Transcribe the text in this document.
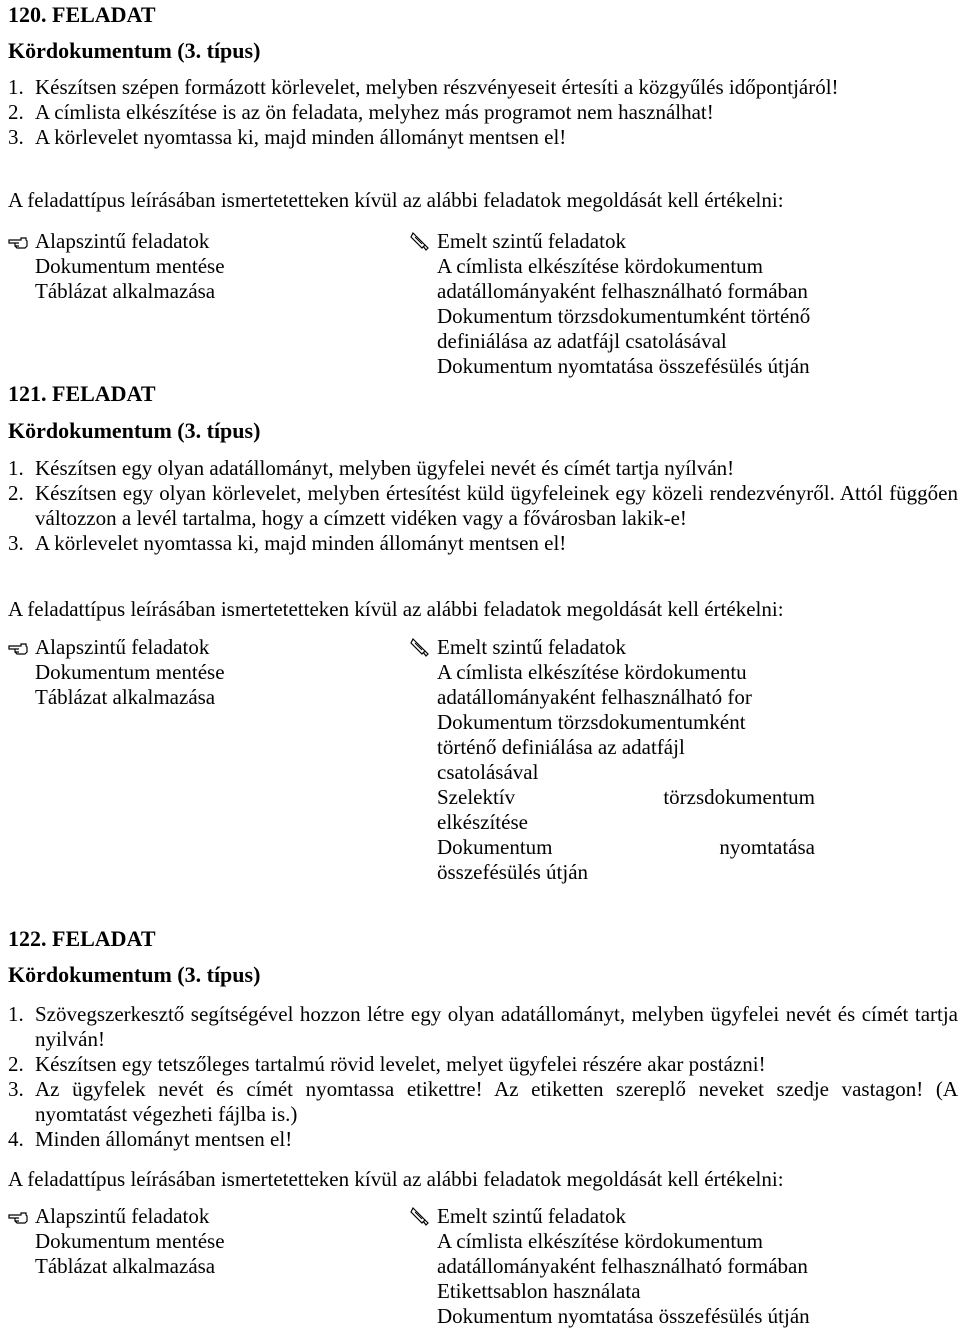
120. FELADAT
Kördokumentum (3. típus)
1. Készítsen szépen formázott körlevelet, melyben részvényeseit értesíti a közgyűlés időpontjáról!
2. A címlista elkészítése is az ön feladata, melyhez más programot nem használhat!
3. A körlevelet nyomtassa ki, majd minden állományt mentsen el!
A feladattípus leírásában ismertetetteken kívül az alábbi feladatok megoldását kell értékelni:
Alapszintű feladatok
Dokumentum mentése
Táblázat alkalmazása
Emelt szintű feladatok
A címlista elkészítése kördokumentum
adatállományaként felhasználható formában
Dokumentum törzsdokumentumként történő
definiálása az adatfájl csatolásával
Dokumentum nyomtatása összefésülés útján
121. FELADAT
Kördokumentum (3. típus)
1. Készítsen egy olyan adatállományt, melyben ügyfelei nevét és címét tartja nyílván!
2. Készítsen egy olyan körlevelet, melyben értesítést küld ügyfeleinek egy közeli rendezvényről. Attól függően változzon a levél tartalma, hogy a címzett vidéken vagy a fővárosban lakik-e!
3. A körlevelet nyomtassa ki, majd minden állományt mentsen el!
A feladattípus leírásában ismertetetteken kívül az alábbi feladatok megoldását kell értékelni:
Alapszintű feladatok
Dokumentum mentése
Táblázat alkalmazása
Emelt szintű feladatok
A címlista elkészítése kördokumentu
adatállományaként felhasználható for
Dokumentum törzsdokumentumként
történő definiálása az adatfájl
csatolásával
Szelektív	törzsdokumentum
elkészítése
Dokumentum	nyomtatása
összefésülés útján
122. FELADAT
Kördokumentum (3. típus)
1. Szövegszerkesztő segítségével hozzon létre egy olyan adatállományt, melyben ügyfelei nevét és címét tartja nyilván!
2. Készítsen egy tetszőleges tartalmú rövid levelet, melyet ügyfelei részére akar postázni!
3. Az ügyfelek nevét és címét nyomtassa etikettre! Az etiketten szereplő neveket szedje vastagon! (A nyomtatást végezheti fájlba is.)
4. Minden állományt mentsen el!
A feladattípus leírásában ismertetetteken kívül az alábbi feladatok megoldását kell értékelni:
Alapszintű feladatok
Dokumentum mentése
Táblázat alkalmazása
Emelt szintű feladatok
A címlista elkészítése kördokumentum
adatállományaként felhasználható formában
Etikettsablon használata
Dokumentum nyomtatása összefésülés útján
